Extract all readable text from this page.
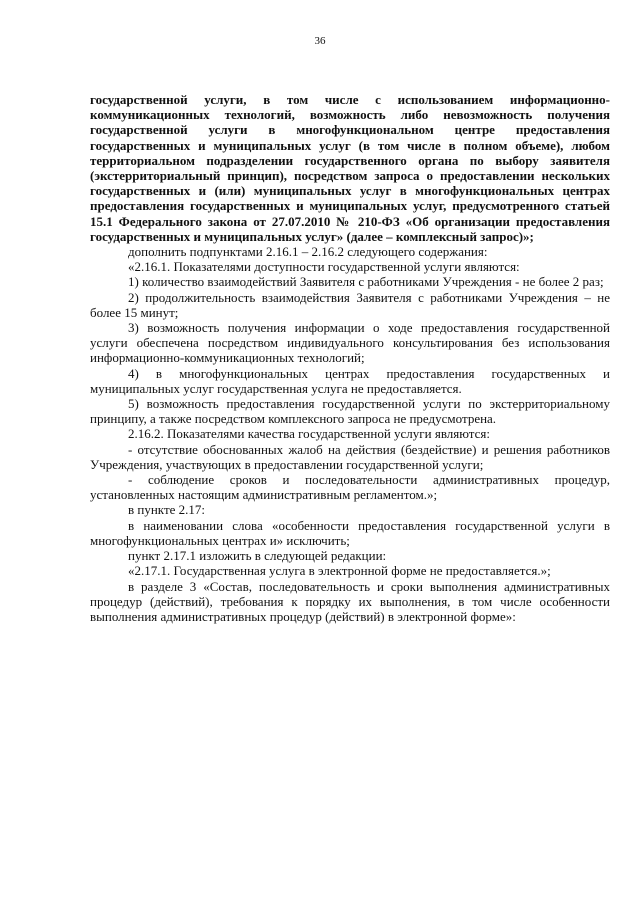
36

государственной услуги, в том числе с использованием информационно-коммуникационных технологий, возможность либо невозможность получения государственной услуги в многофункциональном центре предоставления государственных и муниципальных услуг (в том числе в полном объеме), любом территориальном подразделении государственного органа по выбору заявителя (экстерриториальный принцип), посредством запроса о предоставлении нескольких государственных и (или) муниципальных услуг в многофункциональных центрах предоставления государственных и муниципальных услуг, предусмотренного статьей 15.1 Федерального закона от 27.07.2010 № 210-ФЗ «Об организации предоставления государственных и муниципальных услуг» (далее – комплексный запрос)»;

дополнить подпунктами 2.16.1 – 2.16.2 следующего содержания:

«2.16.1. Показателями доступности государственной услуги являются:

1) количество взаимодействий Заявителя с работниками Учреждения - не более 2 раз;

2) продолжительность взаимодействия Заявителя с работниками Учреждения – не более 15 минут;

3) возможность получения информации о ходе предоставления государственной услуги обеспечена посредством индивидуального консультирования без использования информационно-коммуникационных технологий;

4) в многофункциональных центрах предоставления государственных и муниципальных услуг государственная услуга не предоставляется.

5) возможность предоставления государственной услуги по экстерриториальному принципу, а также посредством комплексного запроса не предусмотрена.

2.16.2. Показателями качества государственной услуги являются:

- отсутствие обоснованных жалоб на действия (бездействие) и решения работников Учреждения, участвующих в предоставлении государственной услуги;

- соблюдение сроков и последовательности административных процедур, установленных настоящим административным регламентом.»;

в пункте 2.17:

в наименовании слова «особенности предоставления государственной услуги в многофункциональных центрах и» исключить;

пункт 2.17.1 изложить в следующей редакции:

«2.17.1. Государственная услуга в электронной форме не предоставляется.»;

в разделе 3 «Состав, последовательность и сроки выполнения административных процедур (действий), требования к порядку их выполнения, в том числе особенности выполнения административных процедур (действий) в электронной форме»:
